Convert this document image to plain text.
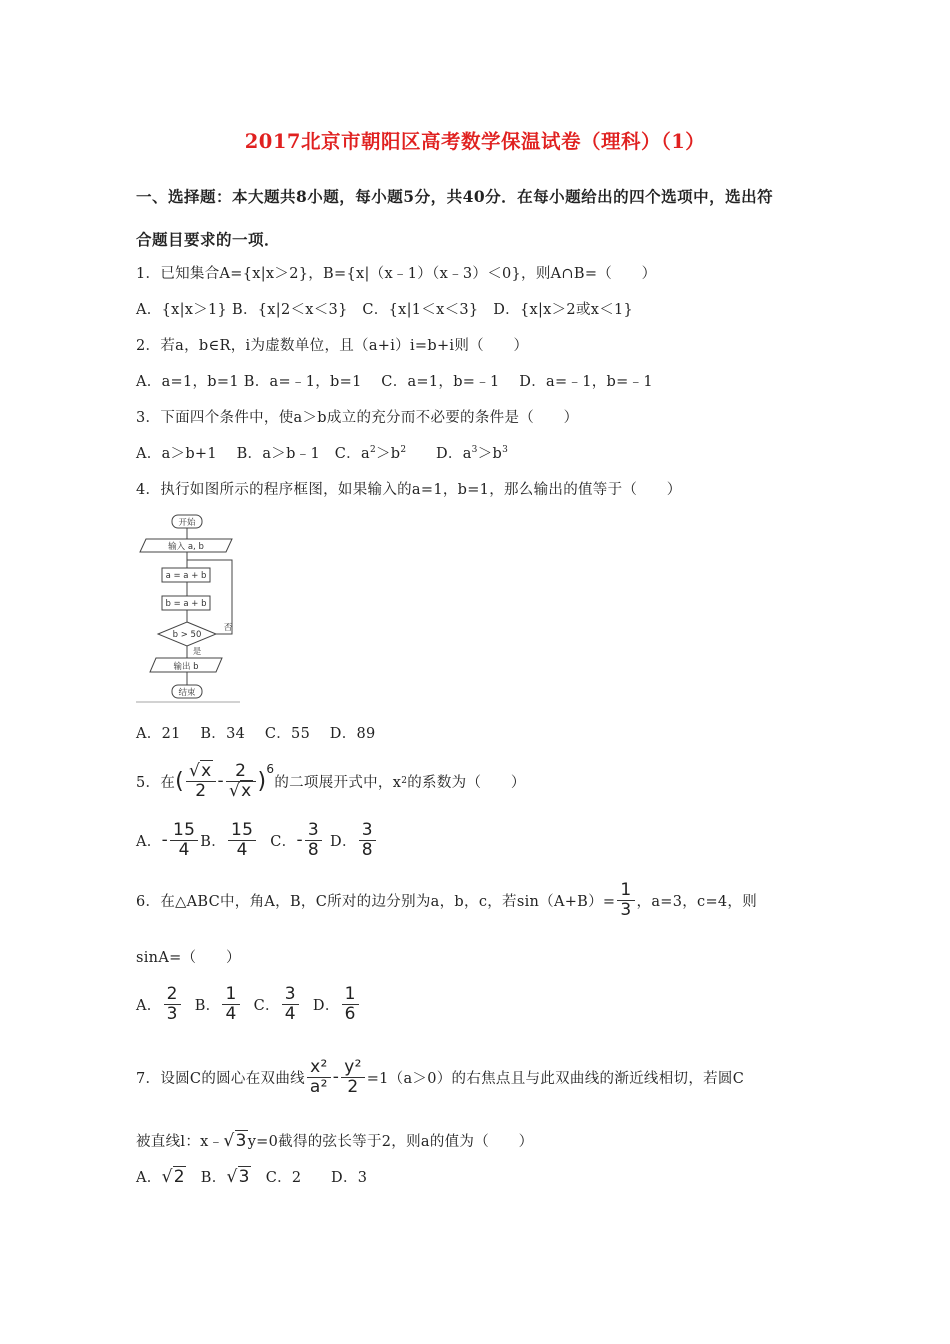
2017北京市朝阳区高考数学保温试卷（理科）（1）
一、选择题：本大题共8小题，每小题5分，共40分．在每小题给出的四个选项中，选出符
合题目要求的一项．
1．已知集合A={x|x＞2}，B={x|（x﹣1）（x﹣3）＜0}，则A∩B=（　　）
A．{x|x＞1} B．{x|2＜x＜3}　C．{x|1＜x＜3}　D．{x|x＞2或x＜1}
2．若a，b∈R，i为虚数单位，且（a+i）i=b+i则（　　）
A．a=1，b=1 B．a=﹣1，b=1　 C．a=1，b=﹣1　 D．a=﹣1，b=﹣1
3．下面四个条件中，使a＞b成立的充分而不必要的条件是（　　）
A．a＞b+1　 B．a＞b﹣1　C．$a^2>b^2$　　D．$a^3>b^3$
4．执行如图所示的程序框图，如果输入的a=1，b=1，那么输出的值等于（　　）
开始
输入 a, b
a = a + b
b = a + b
b > 50
否
是
输出 b
结束
A．21　 B．34　 C．55　 D．89
5．在 ( $\frac{√x}{2} - \frac{2}{√x}$ ) 6
的二项展开式中，x 2 的系数为（　　）
A． - $\frac{15}{4}$ B． $\frac{15}{4}$ C． - $\frac{3}{8}$ D． $\frac{3}{8}$
6．在△ABC中，角A，B，C所对的边分别为a，b，c，若$\sin(A+B)= \frac{1}{3}$ ，a=3，c=4，则
sinA=（　　）
A． $\frac{2}{3}$ B． $\frac{1}{4}$ C． $\frac{3}{4}$ D． $\frac{1}{6}$
7．设圆C的圆心在双曲线 $\frac{\text{x²}}{\text{a²}} - \frac{\text{y²}}{2} =1(a>0)$的右焦点且与此双曲线的渐近线相切，若圆C
被直线l：x﹣√3y=0截得的弦长等于2，则a的值为（　　）
A．√2 B．√3 C．2　　D．3
